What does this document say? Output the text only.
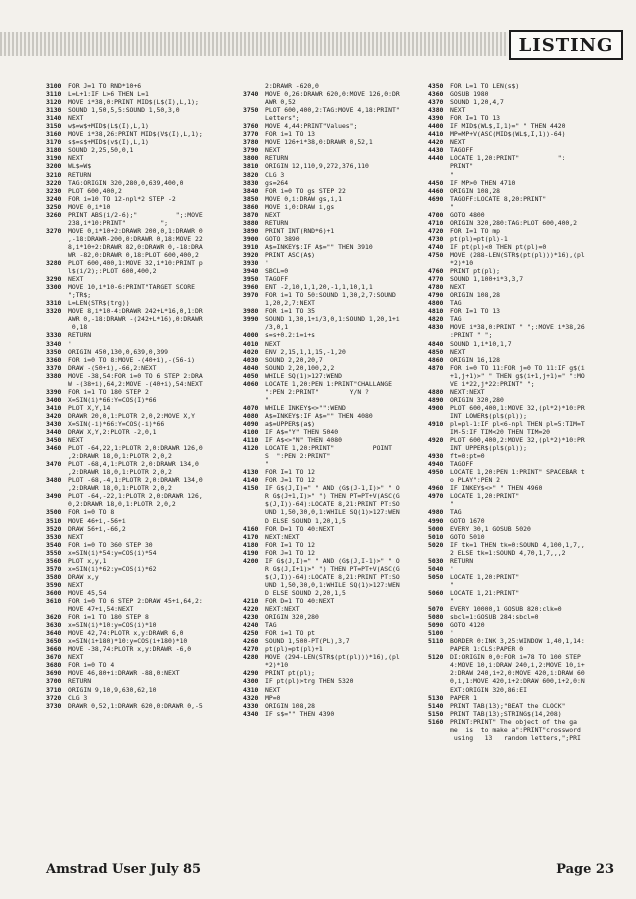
LISTING
3100	FOR J=1 TO RND*10+6
3110	L=L+1:IF L>6 THEN L=1
3120	MOVE i*38,0:PRINT MID$(L$(I),L,1);
3130	SOUND 1,50,5,5:SOUND 1,50,3,0
3140	NEXT
3150	w$=w$+MID$(L$(I),L,1)
3160	MOVE i*38,26:PRINT MID$(V$(I),L,1);
3170	s$=s$+MID$(v$(I),L,1)
3180	SOUND 2,25,50,0,1
3190	NEXT
3200	WL$=W$
3210	RETURN
3220	TAG:ORIGIN 320,280,0,639,400,0
3230	PLOT 600,400,2
3240	FOR i=10 TO 12-npl*2 STEP -2
3250	MOVE 0,i*10
3260	PRINT ABS(i/2-6);"          ";:MOVE
238,i*10:PRINT"         ";
3270	MOVE 0,i*10+2:DRAWR 200,0,1:DRAWR 0
,-18:DRAWR-200,0:DRAWR 0,18:MOVE 22
8,i*10+2:DRAWR 82,0:DRAWR 0,-18:DRA
WR -82,0:DRAWR 0,18:PLOT 600,400,2
3280	PLOT 600,400,1:MOVE 32,i*10:PRINT p
l$(i/2);:PLOT 600,400,2
3290	NEXT
3300	MOVE 10,i*10-6:PRINT"TARGET SCORE
";TR$;
3310	L=LEN(STR$(trg))
3320	MOVE 8,i*10-4:DRAWR 242+L*16,0,1:DR
AWR 0,-18:DRAWR -(242+L*16),0:DRAWR
0,18
3330	RETURN
3340	'
3350	ORIGIN 450,130,0,639,0,399
3360	FOR i=0 TO 8:MOVE -(40+i),-(56-i)
3370	DRAW -(50+i),-66,2:NEXT
3380	MOVE -38,54:FOR i=0 TO 6 STEP 2:DRA
W -(38+i),64,2:MOVE -(40+i),54:NEXT
3390	FOR i=1 TO 180 STEP 2
3400	X=SIN(i)*66:Y=COS(I)*66
3410	PLOT X,Y,14
3420	DRAWR 20,0,1:PLOTR 2,0,2:MOVE X,Y
3430	X=SIN(-i)*66:Y=COS(-i)*66
3440	DRAW X,Y,2:PLOTR -2,0,1
3450	NEXT
3460	PLOT -64,22,1:PLOTR 2,0:DRAWR 126,0
,2:DRAWR 18,0,1:PLOTR 2,0,2
3470	PLOT -68,4,1:PLOTR 2,0:DRAWR 134,0
,2:DRAWR 18,0,1:PLOTR 2,0,2
3480	PLOT -68,-4,1:PLOTR 2,0:DRAWR 134,0
,2:DRAWR 18,0,1:PLOTR 2,0,2
3490	PLOT -64,-22,1:PLOTR 2,0:DRAWR 126,
0,2:DRAWR 18,0,1:PLOTR 2,0,2
3500	FOR i=0 TO 8
3510	MOVE 46+i,-56+i
3520	DRAW 56+i,-66,2
3530	NEXT
3540	FOR i=0 TO 360 STEP 30
3550	x=SIN(i)*54:y=COS(i)*54
3560	PLOT x,y,1
3570	x=SIN(i)*62:y=COS(i)*62
3580	DRAW x,y
3590	NEXT
3600	MOVE 45,54
3610	FOR i=0 TO 6 STEP 2:DRAW 45+i,64,2:
MOVE 47+i,54:NEXT
3620	FOR i=1 TO 180 STEP 8
3630	x=SIN(i)*10:y=COS(i)*10
3640	MOVE 42,74:PLOTR x,y:DRAWR 6,0
3650	x=SIN(i+180)*10:y=COS(i+180)*10
3660	MOVE -38,74:PLOTR x,y:DRAWR -6,0
3670	NEXT
3680	FOR i=0 TO 4
3690	MOVE 46,80+i:DRAWR -88,0:NEXT
3700	RETURN
3710	ORIGIN 9,10,9,630,62,10
3720	CLG 3
3730	DRAWR 0,52,1:DRAWR 620,0:DRAWR 0,-5
2:DRAWR -620,0
3740	MOVE 0,26:DRAWR 620,0:MOVE 126,0:DR
AWR 0,52
3750	PLOT 600,400,2:TAG:MOVE 4,18:PRINT"
Letters";
3760	MOVE 4,44:PRINT"Values";
3770	FOR i=1 TO 13
3780	MOVE 126+i*38,0:DRAWR 0,52,1
3790	NEXT
3800	RETURN
3810	ORIGIN 12,110,9,272,376,110
3820	CLG 3
3830	gs=264
3840	FOR i=0 TO gs STEP 22
3850	MOVE 0,i:DRAW gs,i,1
3860	MOVE i,0:DRAW i,gs
3870	NEXT
3880	RETURN
3890	PRINT INT(RND*6)+1
3900	GOTO 3890
3910	A$=INKEY$:IF A$="" THEN 3910
3920	PRINT ASC(A$)
3930	'
3940	SBCL=0
3950	TAGOFF
3960	ENT -2,10,1,1,20,-1,1,10,1,1
3970	FOR i=1 TO 50:SOUND 1,30,2,7:SOUND
1,20,2,7:NEXT
3980	FOR i=1 TO 35
3990	SOUND 1,30,1+i/3,0,1:SOUND 1,20,1+i
/3,0,1
4000	s=s+0.2:i=i+s
4010	NEXT
4020	ENV 2,15,1,1,15,-1,20
4030	SOUND 2,20,20,7
4040	SOUND 2,20,100,2,2
4050	WHILE SQ(1)>127:WEND
4060	LOCATE 1,20:PEN 1:PRINT"CHALLANGE
":PEN 2:PRINT"        Y/N ?
"
4070	WHILE INKEY$<>"":WEND
4080	A$=INKEY$:IF A$="" THEN 4080
4090	a$=UPPER$(a$)
4100	IF A$="Y" THEN 5040
4110	IF A$<>"N" THEN 4080
4120	LOCATE 1,20:PRINT"          POINT
S  ":PEN 2:PRINT"
"
4130	FOR I=1 TO 12
4140	FOR J=1 TO 12
4150	IF G$(J,I)=" " AND (G$(J-1,I)>" " O
R G$(J+1,I)>" ") THEN PT=PT+V(ASC(G
$(J,I))-64):LOCATE 8,21:PRINT PT:SO
UND 1,50,30,0,1:WHILE SQ(1)>127:WEN
D ELSE SOUND 1,20,1,5
4160	FOR D=1 TO 40:NEXT
4170	NEXT:NEXT
4180	FOR I=1 TO 12
4190	FOR J=1 TO 12
4200	IF G$(J,I)=" " AND (G$(J,I-1)>" " O
R G$(J,I+1)>" ") THEN PT=PT+V(ASC(G
$(J,I))-64):LOCATE 8,21:PRINT PT:SO
UND 1,50,30,0,1:WHILE SQ(1)>127:WEN
D ELSE SOUND 2,20,1,5
4210	FOR D=1 TO 40:NEXT
4220	NEXT:NEXT
4230	ORIGIN 320,280
4240	TAG
4250	FOR i=1 TO pt
4260	SOUND 1,500-PT(PL),3,7
4270	pt(pl)=pt(pl)+1
4280	MOVE (294-LEN(STR$(pt(pl)))*16),(pl
*2)*10
4290	PRINT pt(pl);
4300	IF pt(pl)>trg THEN 5320
4310	NEXT
4320	MP=0
4330	ORIGIN 108,28
4340	IF s$="" THEN 4390
4350	FOR L=1 TO LEN(s$)
4360	GOSUB 1980
4370	SOUND 1,20,4,7
4380	NEXT
4390	FOR I=1 TO 13
4400	IF MID$(WL$,I,1)=" " THEN 4420
4410	MP=MP+V(ASC(MID$(WL$,I,1))-64)
4420	NEXT
4430	TAGOFF
4440	LOCATE 1,20:PRINT"          ":
PRINT"
"
4450	IF MP>0 THEN 4710
4460	ORIGIN 108,28
4690	TAGOFF:LOCATE 8,20:PRINT"
"
4700	GOTO 4800
4710	ORIGIN 320,280:TAG:PLOT 600,400,2
4720	FOR I=1 TO mp
4730	pt(pl)=pt(pl)-1
4740	IF pt(pl)<0 THEN pt(pl)=0
4750	MOVE (288-LEN(STR$(pt(pl)))*16),(pl
*2)*10
4760	PRINT pt(pl);
4770	SOUND 1,100+i*3,3,7
4780	NEXT
4790	ORIGIN 108,28
4800	TAG
4810	FOR I=1 TO 13
4820	TAG
4830	MOVE i*38,0:PRINT " ";:MOVE i*38,26
:PRINT " ";
4840	SOUND 1,i*10,1,7
4850	NEXT
4860	ORIGIN 16,128
4870	FOR i=0 TO 11:FOR j=0 TO 11:IF g$(i
+1,j+1)>" " THEN g$(i+1,j+1)=" ":MO
VE i*22,j*22:PRINT" ";
4880	NEXT:NEXT
4890	ORIGIN 320,280
4900	PLOT 600,400,1:MOVE 32,(pl*2)*10:PR
INT LOWER$(pl$(pl));
4910	pl=pl-1:IF pl<6-npl THEN pl=5:TIM=T
IM-5:IF TIM<20 THEN TIM=20
4920	PLOT 600,400,2:MOVE 32,(pl*2)*10:PR
INT UPPER$(pl$(pl));
4930	ft=0:pt=0
4940	TAGOFF
4950	LOCATE 1,20:PEN 1:PRINT" SPACEBAR t
o PLAY":PEN 2
4960	IF INKEY$<>" " THEN 4960
4970	LOCATE 1,20:PRINT"
"
4980	TAG
4990	GOTO 1670
5000	EVERY 30,1 GOSUB 5020
5010	GOTO 5010
5020	IF tk=1 THEN tk=0:SOUND 4,100,1,7,,
2 ELSE tk=1:SOUND 4,70,1,7,,,2
5030	RETURN
5040	'
5050	LOCATE 1,20:PRINT"
"
5060	LOCATE 1,21:PRINT"
"
5070	EVERY 10000,1 GOSUB 820:clk=0
5080	sbcl=1:GOSUB 284:sbcl=0
5090	GOTO 4120
5100	'
5110	BORDER 0:INK 3,25:WINDOW 1,40,1,14:
PAPER 1:CLS:PAPER 0
5120	DI:ORIGIN 0,0:FOR i=78 TO 100 STEP
4:MOVE 10,i:DRAW 240,i,2:MOVE 10,i+
2:DRAW 240,i+2,0:MOVE 420,i:DRAW 60
0,i,1:MOVE 420,i+2:DRAW 600,i+2,0:N
EXT:ORIGIN 320,86:EI
5130	PAPER 1
5140	PRINT TAB(13);"BEAT the CLOCK"
5150	PRINT TAB(13);STRING$(14,208)
5160	PRINT:PRINT" The object of the ga
me  is  to make a":PRINT"crossword
using   13   random letters,";PRI
Amstrad User July 85	Page 23
